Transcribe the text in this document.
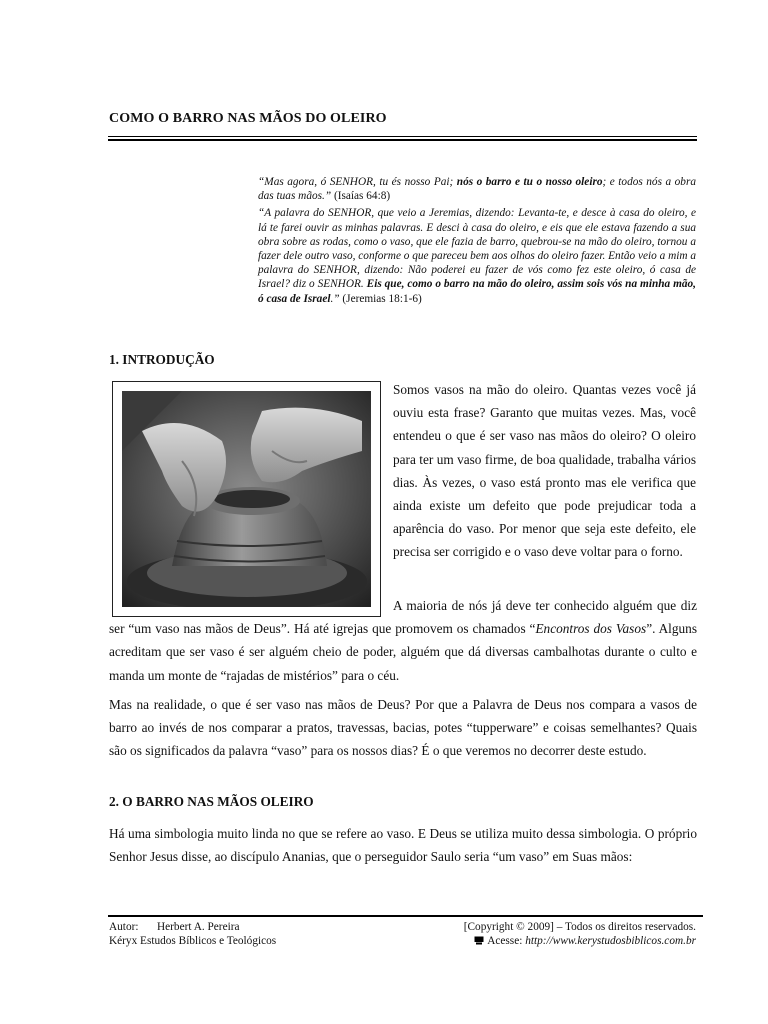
COMO O BARRO NAS MÃOS DO OLEIRO

“Mas agora, ó SENHOR, tu és nosso Pai; nós o barro e tu o nosso oleiro; e todos nós a obra das tuas mãos.” (Isaías 64:8)

“A palavra do SENHOR, que veio a Jeremias, dizendo: Levanta-te, e desce à casa do oleiro, e lá te farei ouvir as minhas palavras. E desci à casa do oleiro, e eis que ele estava fazendo a sua obra sobre as rodas, como o vaso, que ele fazia de barro, quebrou-se na mão do oleiro, tornou a fazer dele outro vaso, conforme o que pareceu bem aos olhos do oleiro fazer. Então veio a mim a palavra do SENHOR, dizendo: Não poderei eu fazer de vós como fez este oleiro, ó casa de Israel? diz o SENHOR. Eis que, como o barro na mão do oleiro, assim sois vós na minha mão, ó casa de Israel.” (Jeremias 18:1-6)

1. INTRODUÇÃO

Somos vasos na mão do oleiro. Quantas vezes você já ouviu esta frase? Garanto que muitas vezes. Mas, você entendeu o que é ser vaso nas mãos do oleiro? O oleiro para ter um vaso firme, de boa qualidade, trabalha vários dias. Às vezes, o vaso está pronto mas ele verifica que ainda existe um defeito que pode prejudicar toda a aparência do vaso. Por menor que seja este defeito, ele precisa ser corrigido e o vaso deve voltar para o forno.

A maioria de nós já deve ter conhecido alguém que diz ser “um vaso nas mãos de Deus”. Há até igrejas que promovem os chamados “Encontros dos Vasos”. Alguns acreditam que ser vaso é ser alguém cheio de poder, alguém que dá diversas cambalhotas durante o culto e manda um monte de “rajadas de mistérios” para o céu.

Mas na realidade, o que é ser vaso nas mãos de Deus? Por que a Palavra de Deus nos compara a vasos de barro ao invés de nos comparar a pratos, travessas, bacias, potes “tupperware” e coisas semelhantes? Quais são os significados da palavra “vaso” para os nossos dias? É o que veremos no decorrer deste estudo.

2. O BARRO NAS MÃOS OLEIRO

Há uma simbologia muito linda no que se refere ao vaso. E Deus se utiliza muito dessa simbologia. O próprio Senhor Jesus disse, ao discípulo Ananias, que o perseguidor Saulo seria “um vaso” em Suas mãos:

Autor: Herbert A. Pereira
Kéryx Estudos Bíblicos e Teológicos
[Copyright © 2009] – Todos os direitos reservados.
Acesse: http://www.kerystudosbiblicos.com.br
